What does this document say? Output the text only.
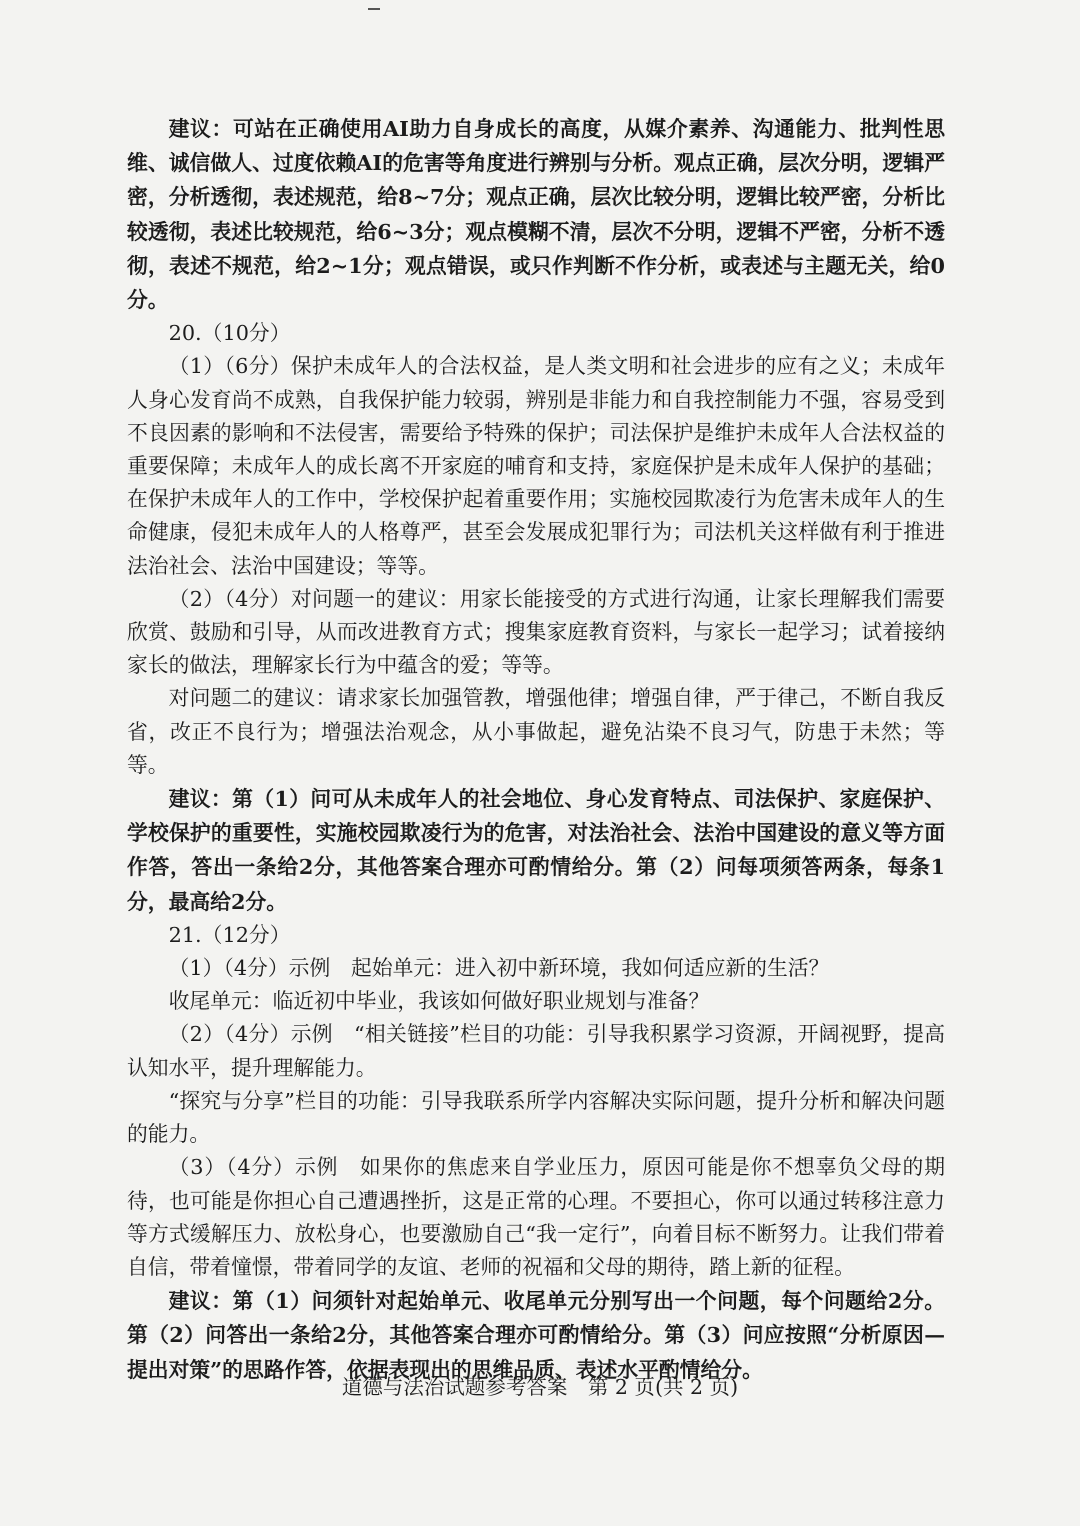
建议：可站在正确使用AI助力自身成长的高度，从媒介素养、沟通能力、批判性思维、诚信做人、过度依赖AI的危害等角度进行辨别与分析。观点正确，层次分明，逻辑严密，分析透彻，表述规范，给8~7分；观点正确，层次比较分明，逻辑比较严密，分析比较透彻，表述比较规范，给6~3分；观点模糊不清，层次不分明，逻辑不严密，分析不透彻，表述不规范，给2~1分；观点错误，或只作判断不作分析，或表述与主题无关，给0分。

20.（10分）

（1）（6分）保护未成年人的合法权益，是人类文明和社会进步的应有之义；未成年人身心发育尚不成熟，自我保护能力较弱，辨别是非能力和自我控制能力不强，容易受到不良因素的影响和不法侵害，需要给予特殊的保护；司法保护是维护未成年人合法权益的重要保障；未成年人的成长离不开家庭的哺育和支持，家庭保护是未成年人保护的基础；在保护未成年人的工作中，学校保护起着重要作用；实施校园欺凌行为危害未成年人的生命健康，侵犯未成年人的人格尊严，甚至会发展成犯罪行为；司法机关这样做有利于推进法治社会、法治中国建设；等等。

（2）（4分）对问题一的建议：用家长能接受的方式进行沟通，让家长理解我们需要欣赏、鼓励和引导，从而改进教育方式；搜集家庭教育资料，与家长一起学习；试着接纳家长的做法，理解家长行为中蕴含的爱；等等。

对问题二的建议：请求家长加强管教，增强他律；增强自律，严于律己，不断自我反省，改正不良行为；增强法治观念，从小事做起，避免沾染不良习气，防患于未然；等等。

建议：第（1）问可从未成年人的社会地位、身心发育特点、司法保护、家庭保护、学校保护的重要性，实施校园欺凌行为的危害，对法治社会、法治中国建设的意义等方面作答，答出一条给2分，其他答案合理亦可酌情给分。第（2）问每项须答两条，每条1分，最高给2分。

21.（12分）

（1）（4分）示例　起始单元：进入初中新环境，我如何适应新的生活？

收尾单元：临近初中毕业，我该如何做好职业规划与准备？

（2）（4分）示例　“相关链接”栏目的功能：引导我积累学习资源，开阔视野，提高认知水平，提升理解能力。

“探究与分享”栏目的功能：引导我联系所学内容解决实际问题，提升分析和解决问题的能力。

（3）（4分）示例　如果你的焦虑来自学业压力，原因可能是你不想辜负父母的期待，也可能是你担心自己遭遇挫折，这是正常的心理。不要担心，你可以通过转移注意力等方式缓解压力、放松身心，也要激励自己“我一定行”，向着目标不断努力。让我们带着自信，带着憧憬，带着同学的友谊、老师的祝福和父母的期待，踏上新的征程。

建议：第（1）问须针对起始单元、收尾单元分别写出一个问题，每个问题给2分。第（2）问答出一条给2分，其他答案合理亦可酌情给分。第（3）问应按照“分析原因—提出对策”的思路作答，依据表现出的思维品质、表述水平酌情给分。

道德与法治试题参考答案　第 2 页(共 2 页)
